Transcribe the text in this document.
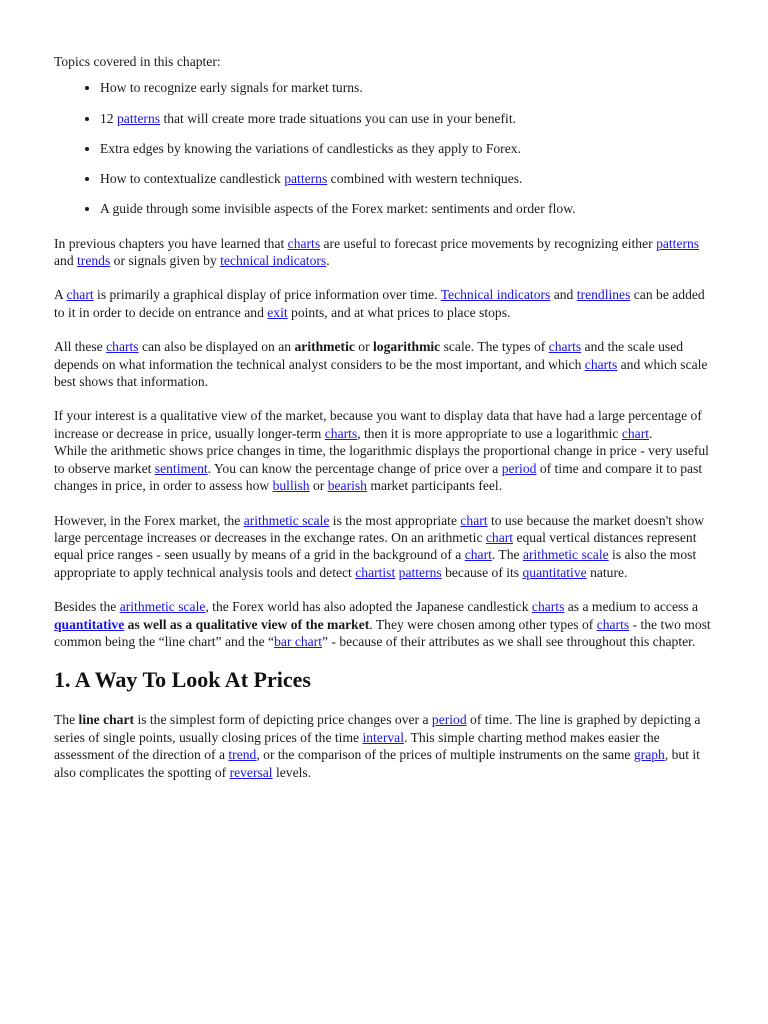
Topics covered in this chapter:

• How to recognize early signals for market turns.
• 12 patterns that will create more trade situations you can use in your benefit.
• Extra edges by knowing the variations of candlesticks as they apply to Forex.
• How to contextualize candlestick patterns combined with western techniques.
• A guide through some invisible aspects of the Forex market: sentiments and order flow.

In previous chapters you have learned that charts are useful to forecast price movements by recognizing either patterns and trends or signals given by technical indicators.

A chart is primarily a graphical display of price information over time. Technical indicators and trendlines can be added to it in order to decide on entrance and exit points, and at what prices to place stops.

All these charts can also be displayed on an arithmetic or logarithmic scale. The types of charts and the scale used depends on what information the technical analyst considers to be the most important, and which charts and which scale best shows that information.

If your interest is a qualitative view of the market, because you want to display data that have had a large percentage of increase or decrease in price, usually longer-term charts, then it is more appropriate to use a logarithmic chart.

While the arithmetic shows price changes in time, the logarithmic displays the proportional change in price - very useful to observe market sentiment. You can know the percentage change of price over a period of time and compare it to past changes in price, in order to assess how bullish or bearish market participants feel.

However, in the Forex market, the arithmetic scale is the most appropriate chart to use because the market doesn't show large percentage increases or decreases in the exchange rates. On an arithmetic chart equal vertical distances represent equal price ranges - seen usually by means of a grid in the background of a chart. The arithmetic scale is also the most appropriate to apply technical analysis tools and detect chartist patterns because of its quantitative nature.

Besides the arithmetic scale, the Forex world has also adopted the Japanese candlestick charts as a medium to access a quantitative as well as a qualitative view of the market. They were chosen among other types of charts - the two most common being the “line chart” and the “bar chart” - because of their attributes as we shall see throughout this chapter.

1. A Way To Look At Prices

The line chart is the simplest form of depicting price changes over a period of time. The line is graphed by depicting a series of single points, usually closing prices of the time interval. This simple charting method makes easier the assessment of the direction of a trend, or the comparison of the prices of multiple instruments on the same graph, but it also complicates the spotting of reversal levels.
